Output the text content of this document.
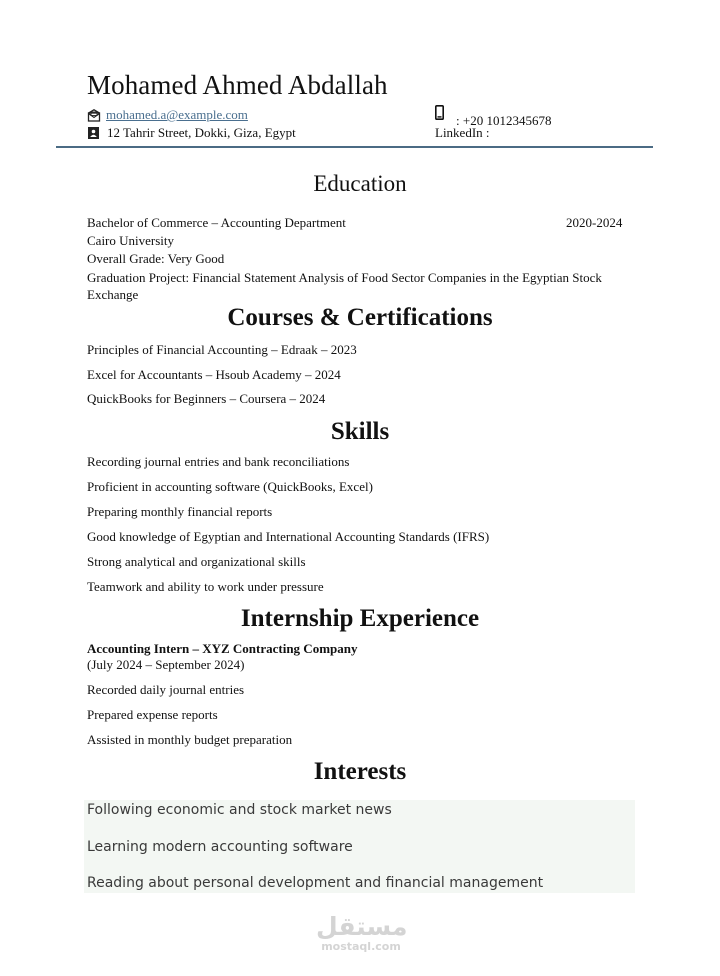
Mohamed Ahmed Abdallah
mohamed.a@example.com
12 Tahrir Street, Dokki, Giza, Egypt
: +20 1012345678
LinkedIn :
Education
Bachelor of Commerce – Accounting Department	2020-2024
Cairo University
Overall Grade: Very Good
Graduation Project: Financial Statement Analysis of Food Sector Companies in the Egyptian Stock Exchange
Courses & Certifications
Principles of Financial Accounting – Edraak – 2023
Excel for Accountants – Hsoub Academy – 2024
QuickBooks for Beginners – Coursera – 2024
Skills
Recording journal entries and bank reconciliations
Proficient in accounting software (QuickBooks, Excel)
Preparing monthly financial reports
Good knowledge of Egyptian and International Accounting Standards (IFRS)
Strong analytical and organizational skills
Teamwork and ability to work under pressure
Internship Experience
Accounting Intern – XYZ Contracting Company
(July 2024 – September 2024)
Recorded daily journal entries
Prepared expense reports
Assisted in monthly budget preparation
Interests
Following economic and stock market news
Learning modern accounting software
Reading about personal development and financial management
مستقل
mostaql.com
